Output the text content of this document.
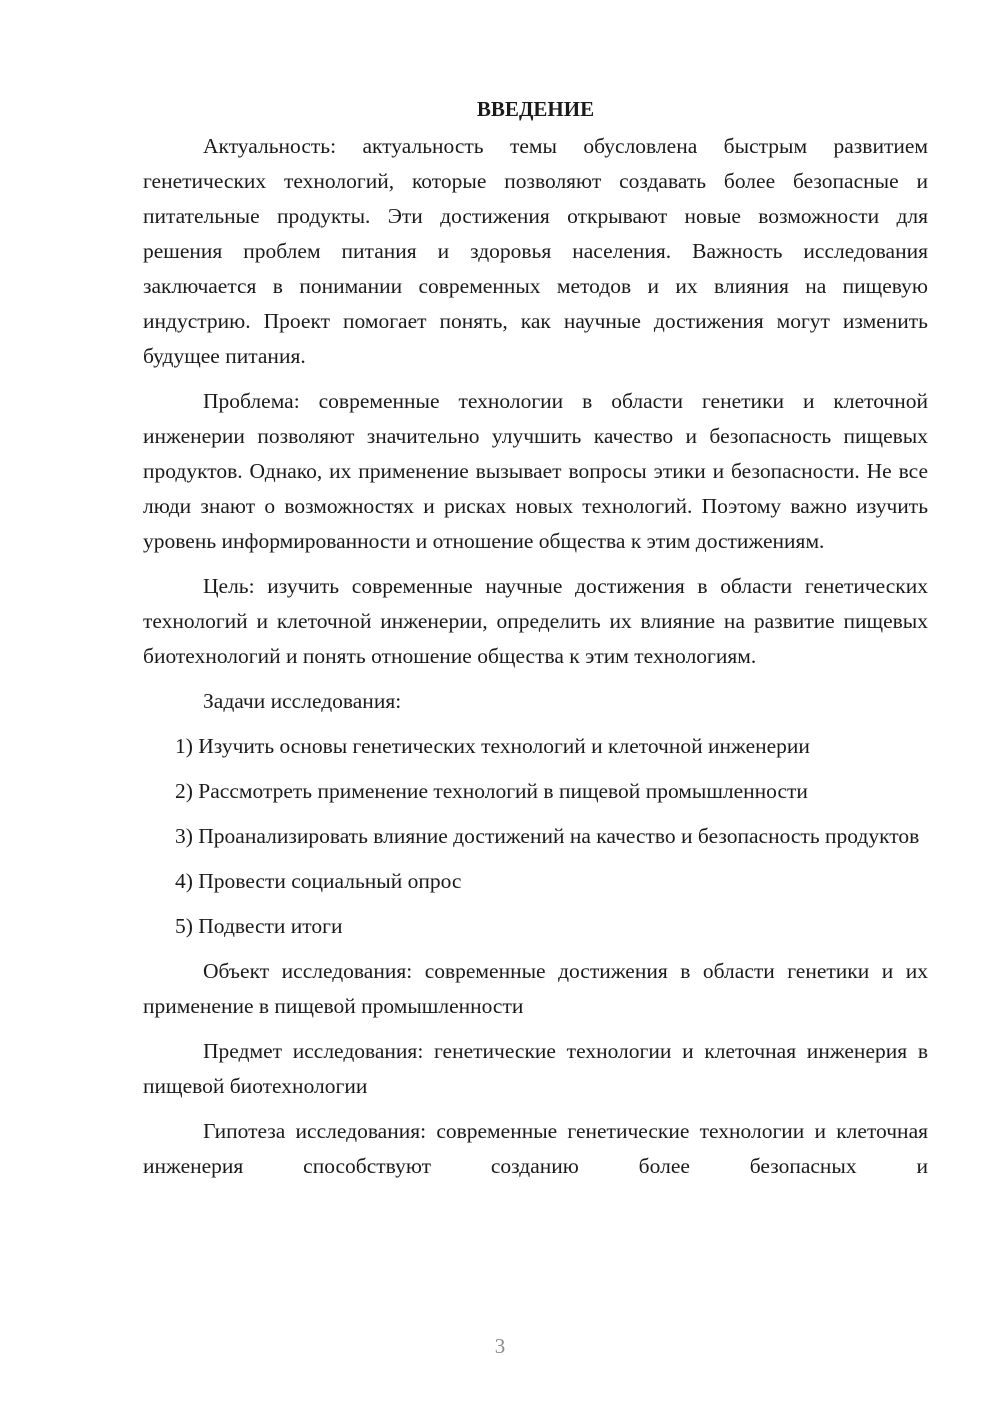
ВВЕДЕНИЕ

Актуальность: актуальность темы обусловлена быстрым развитием генетических технологий, которые позволяют создавать более безопасные и питательные продукты. Эти достижения открывают новые возможности для решения проблем питания и здоровья населения. Важность исследования заключается в понимании современных методов и их влияния на пищевую индустрию. Проект помогает понять, как научные достижения могут изменить будущее питания.

Проблема: современные технологии в области генетики и клеточной инженерии позволяют значительно улучшить качество и безопасность пищевых продуктов. Однако, их применение вызывает вопросы этики и безопасности. Не все люди знают о возможностях и рисках новых технологий. Поэтому важно изучить уровень информированности и отношение общества к этим достижениям.

Цель: изучить современные научные достижения в области генетических технологий и клеточной инженерии, определить их влияние на развитие пищевых биотехнологий и понять отношение общества к этим технологиям.

Задачи исследования:

1) Изучить основы генетических технологий и клеточной инженерии

2) Рассмотреть применение технологий в пищевой промышленности

3) Проанализировать влияние достижений на качество и безопасность продуктов

4) Провести социальный опрос

5) Подвести итоги

Объект исследования: современные достижения в области генетики и их применение в пищевой промышленности

Предмет исследования: генетические технологии и клеточная инженерия в пищевой биотехнологии

Гипотеза исследования: современные генетические технологии и клеточная инженерия способствуют созданию более безопасных и

3
